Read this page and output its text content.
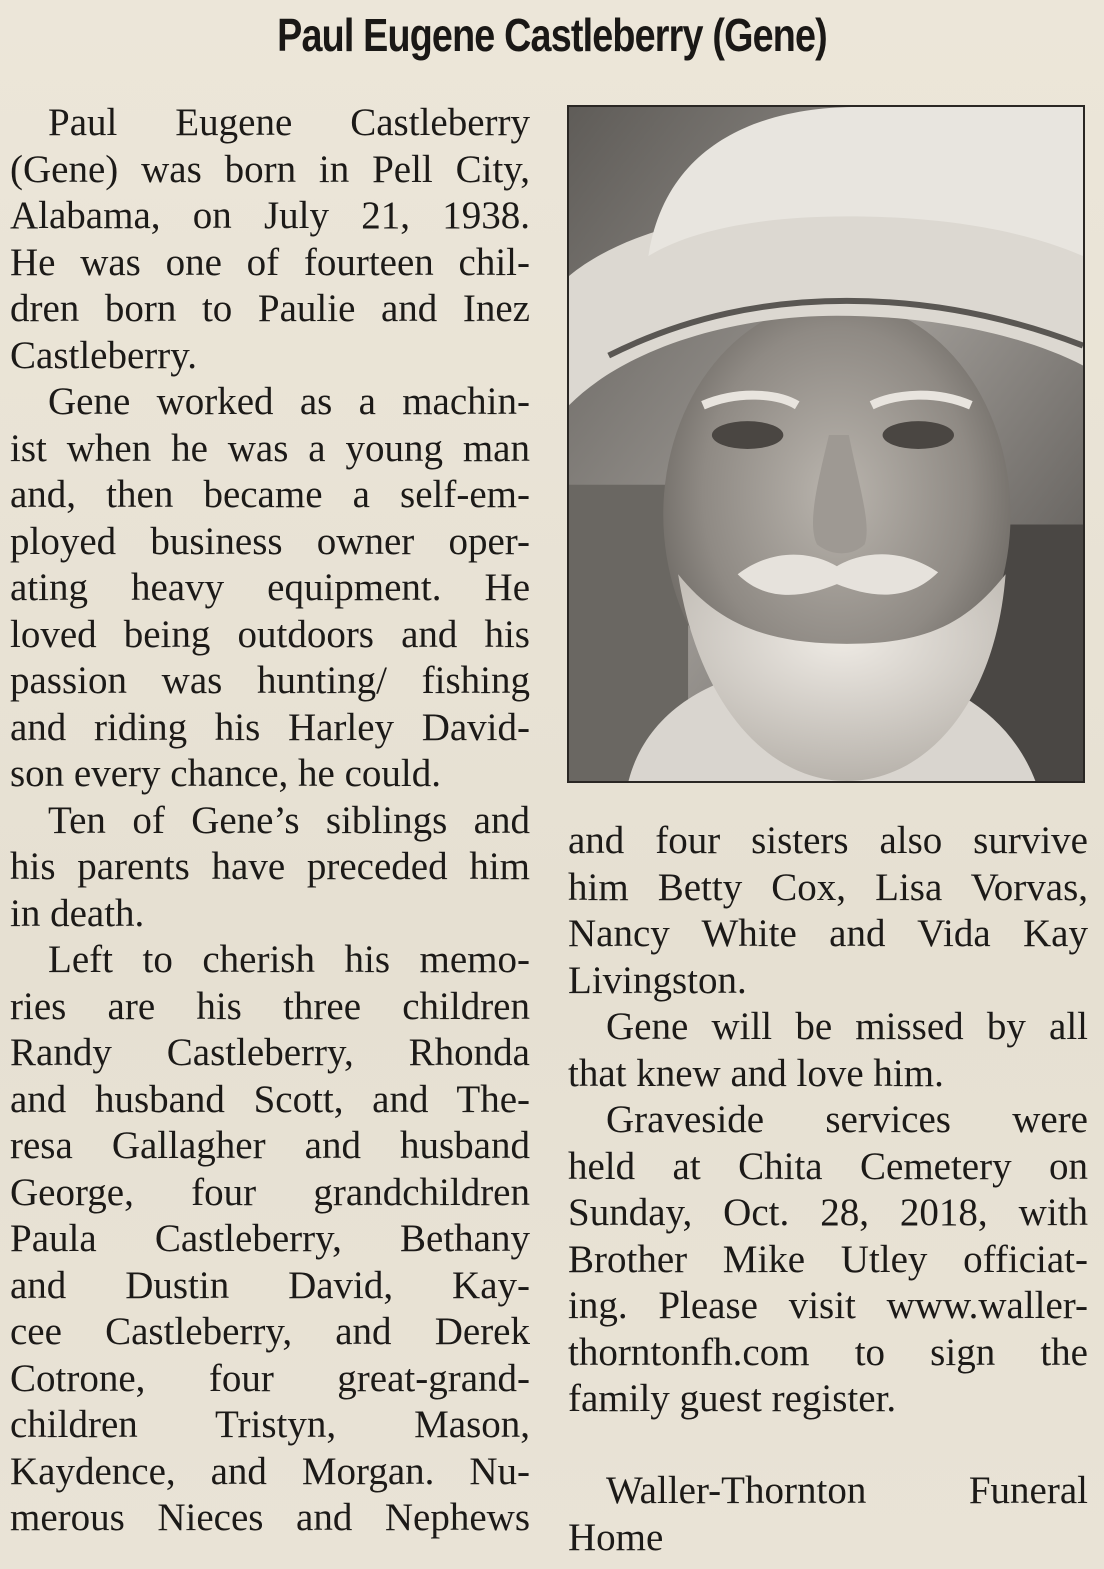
Paul Eugene Castleberry (Gene)
Paul Eugene Castleberry
(Gene) was born in Pell City,
Alabama, on July 21, 1938.
He was one of fourteen chil-
dren born to Paulie and Inez
Castleberry.
Gene worked as a machin-
ist when he was a young man
and, then became a self-em-
ployed business owner oper-
ating heavy equipment. He
loved being outdoors and his
passion was hunting/ fishing
and riding his Harley David-
son every chance, he could.
Ten of Gene’s siblings and
his parents have preceded him
in death.
Left to cherish his memo-
ries are his three children
Randy Castleberry, Rhonda
and husband Scott, and The-
resa Gallagher and husband
George, four grandchildren
Paula Castleberry, Bethany
and Dustin David, Kay-
cee Castleberry, and Derek
Cotrone, four great-grand-
children Tristyn, Mason,
Kaydence, and Morgan. Nu-
merous Nieces and Nephews
and four sisters also survive
him Betty Cox, Lisa Vorvas,
Nancy White and Vida Kay
Livingston.
Gene will be missed by all
that knew and love him.
Graveside services were
held at Chita Cemetery on
Sunday, Oct. 28, 2018, with
Brother Mike Utley officiat-
ing. Please visit www.waller-
thorntonfh.com to sign the
family guest register.
Waller-Thornton Funeral
Home
